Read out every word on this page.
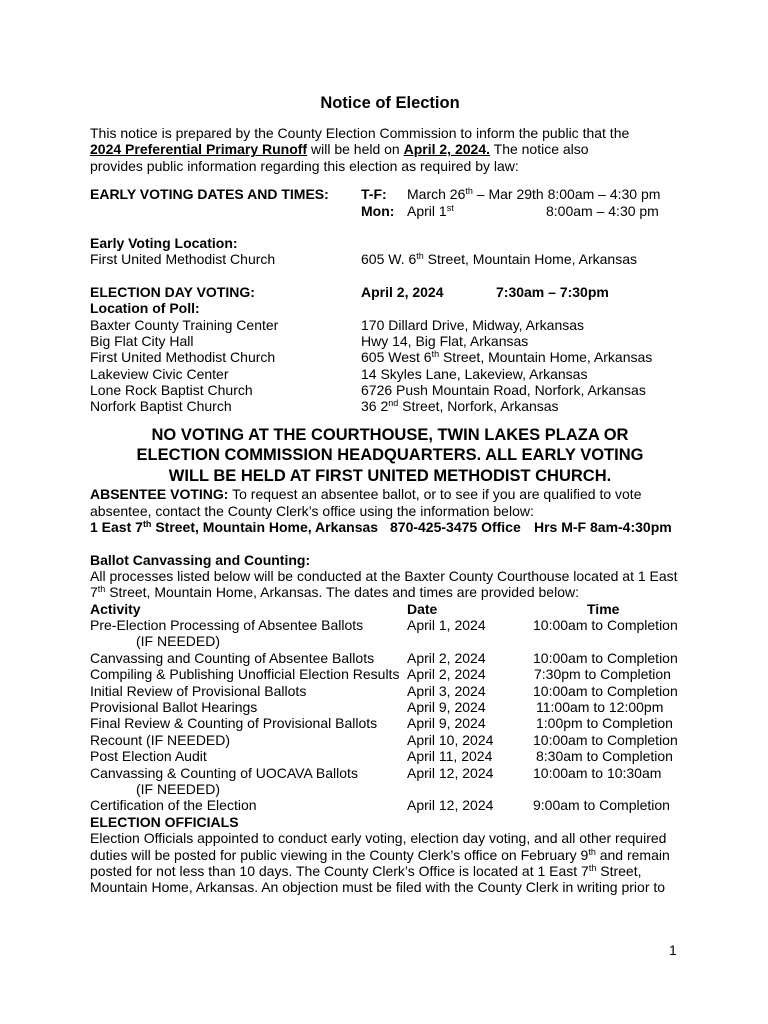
Notice of Election
This notice is prepared by the County Election Commission to inform the public that the
2024 Preferential Primary Runoff will be held on April 2, 2024. The notice also
provides public information regarding this election as required by law:
EARLY VOTING DATES AND TIMES: T-F: March 26th – Mar 29th 8:00am – 4:30 pm
Mon: April 1st	8:00am – 4:30 pm
Early Voting Location:
First United Methodist Church	605 W. 6th Street, Mountain Home, Arkansas
ELECTION DAY VOTING:	April 2, 2024	7:30am – 7:30pm
Location of Poll:
Baxter County Training Center	170 Dillard Drive, Midway, Arkansas
Big Flat City Hall	Hwy 14, Big Flat, Arkansas
First United Methodist Church	605 West 6th Street, Mountain Home, Arkansas
Lakeview Civic Center	14 Skyles Lane, Lakeview, Arkansas
Lone Rock Baptist Church	6726 Push Mountain Road, Norfork, Arkansas
Norfork Baptist Church	36 2nd Street, Norfork, Arkansas
NO VOTING AT THE COURTHOUSE, TWIN LAKES PLAZA OR
ELECTION COMMISSION HEADQUARTERS. ALL EARLY VOTING
WILL BE HELD AT FIRST UNITED METHODIST CHURCH.
ABSENTEE VOTING: To request an absentee ballot, or to see if you are qualified to vote
absentee, contact the County Clerk’s office using the information below:
1 East 7th Street, Mountain Home, Arkansas 870-425-3475 Office Hrs M-F 8am-4:30pm
Ballot Canvassing and Counting:
All processes listed below will be conducted at the Baxter County Courthouse located at 1 East
7th Street, Mountain Home, Arkansas. The dates and times are provided below:
Activity	Date	Time
Pre-Election Processing of Absentee Ballots	April 1, 2024	10:00am to Completion
(IF NEEDED)
Canvassing and Counting of Absentee Ballots April 2, 2024	10:00am to Completion
Compiling & Publishing Unofficial Election Results April 2, 2024	7:30pm to Completion
Initial Review of Provisional Ballots	April 3, 2024	10:00am to Completion
Provisional Ballot Hearings	April 9, 2024	11:00am to 12:00pm
Final Review & Counting of Provisional Ballots April 9, 2024	1:00pm to Completion
Recount (IF NEEDED)	April 10, 2024	10:00am to Completion
Post Election Audit	April 11, 2024	8:30am to Completion
Canvassing & Counting of UOCAVA Ballots	April 12, 2024	10:00am to 10:30am
(IF NEEDED)
Certification of the Election	April 12, 2024	9:00am to Completion
ELECTION OFFICIALS
Election Officials appointed to conduct early voting, election day voting, and all other required
duties will be posted for public viewing in the County Clerk’s office on February 9th and remain
posted for not less than 10 days. The County Clerk’s Office is located at 1 East 7th Street,
Mountain Home, Arkansas. An objection must be filed with the County Clerk in writing prior to
1
